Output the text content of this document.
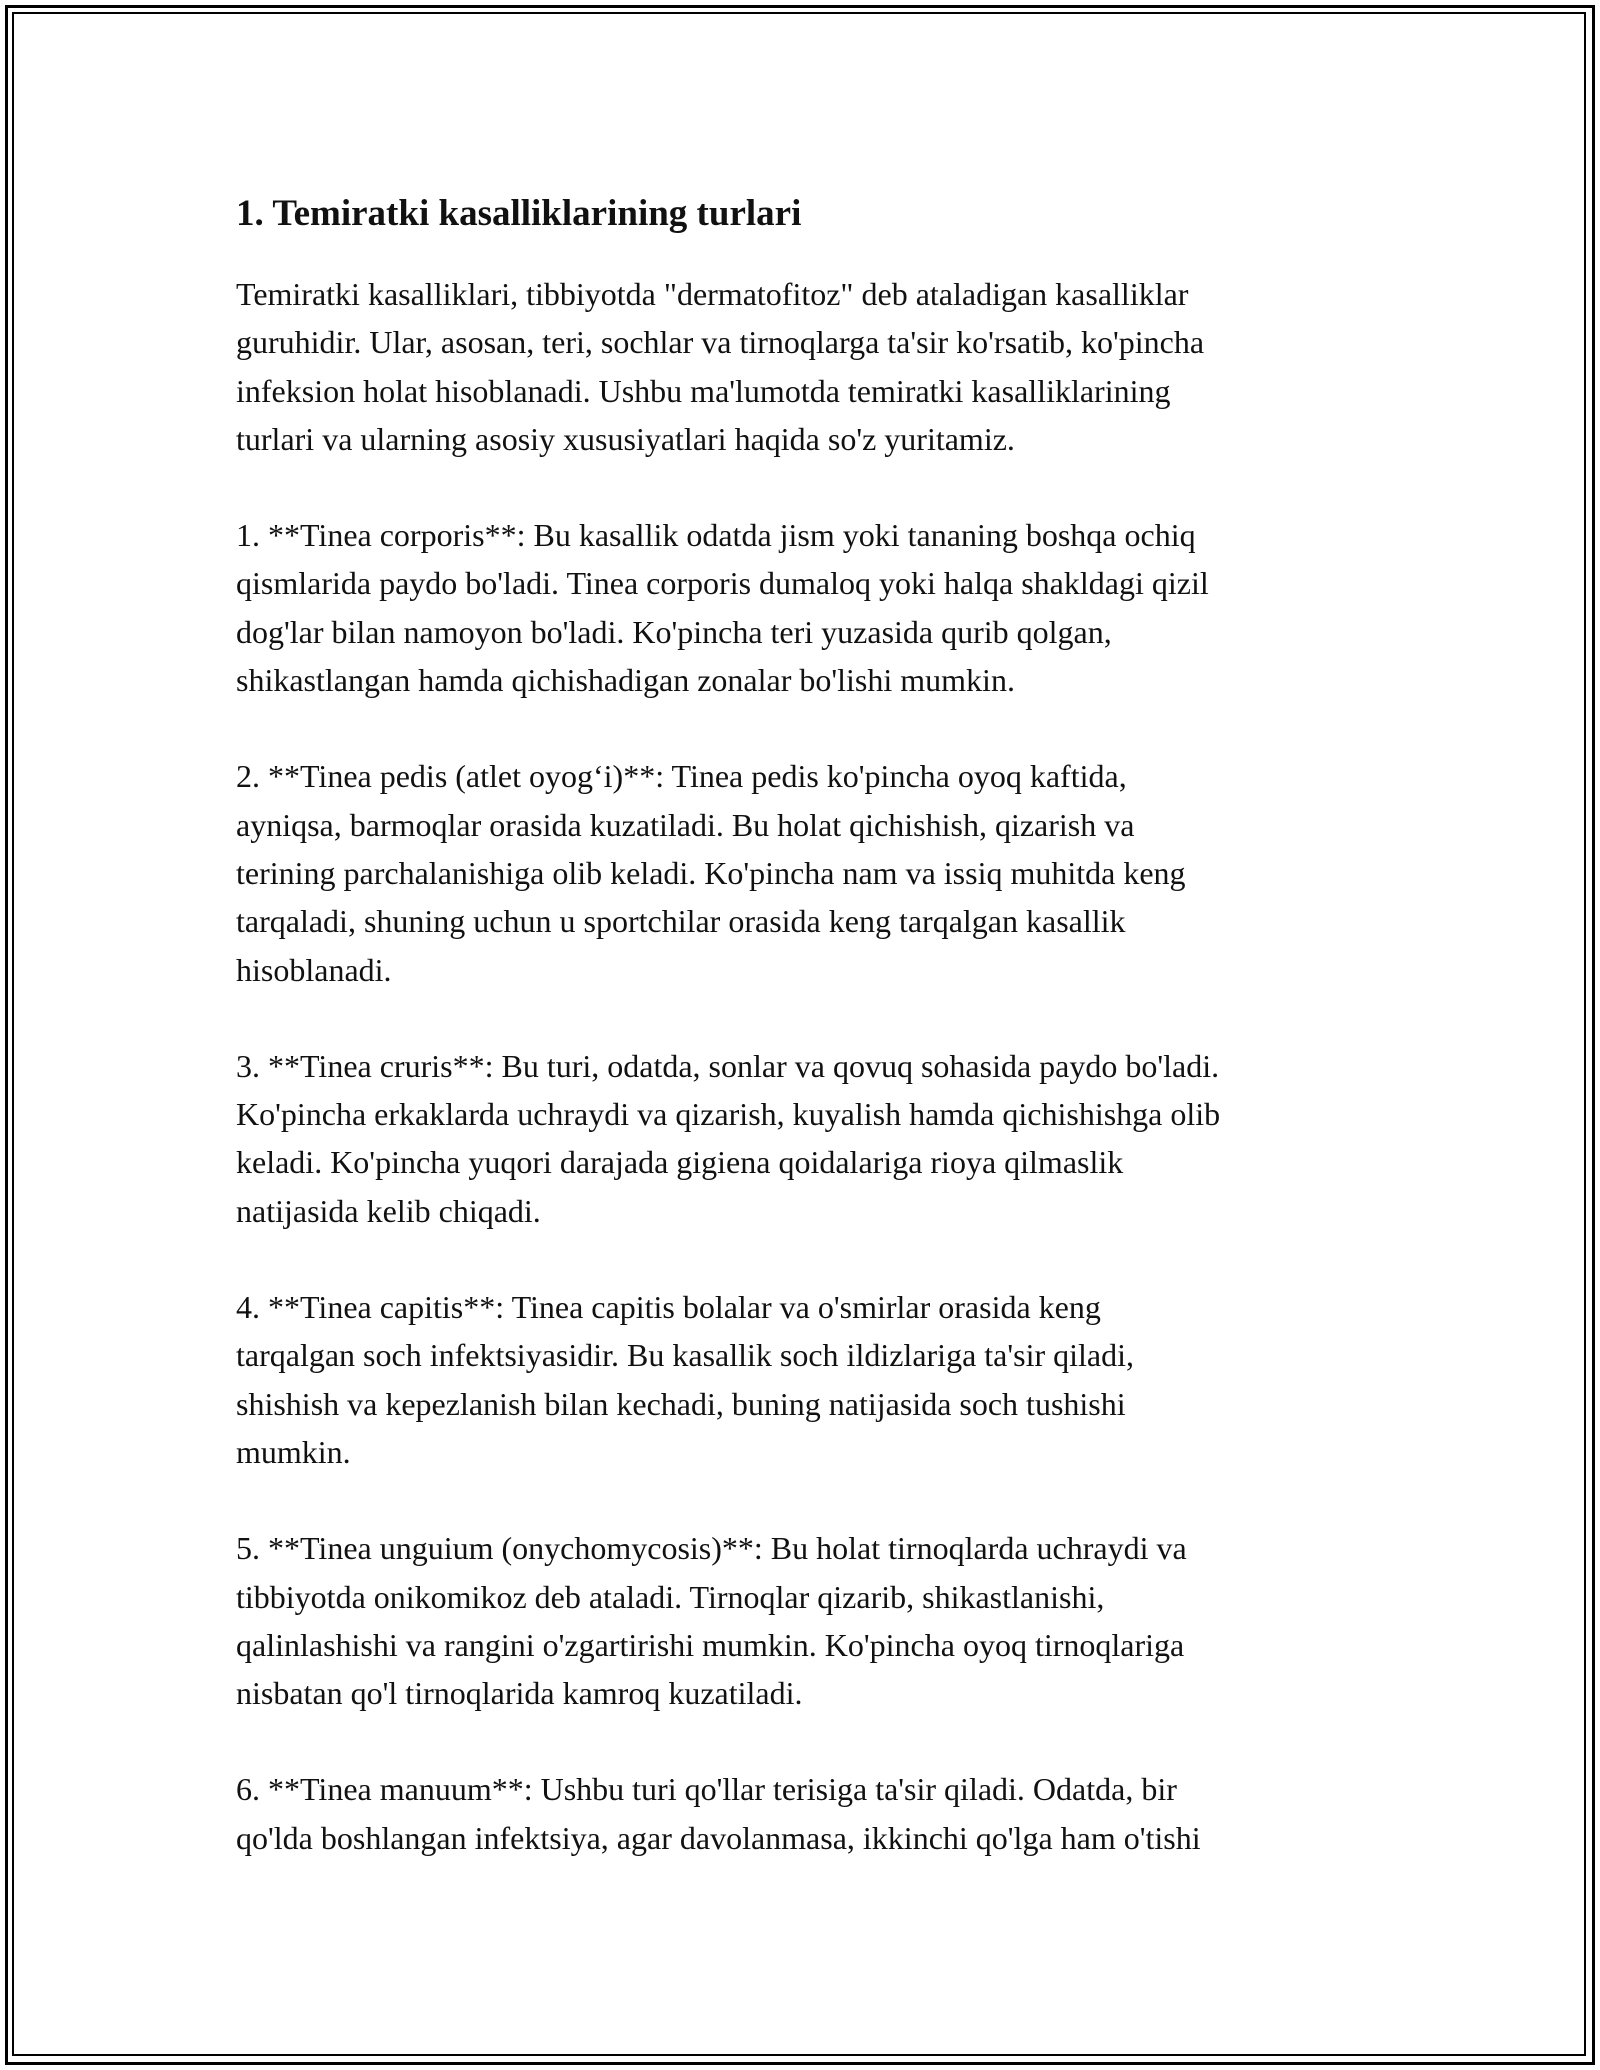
1. Temiratki kasalliklarining turlari

Temiratki kasalliklari, tibbiyotda "dermatofitoz" deb ataladigan kasalliklar
guruhidir. Ular, asosan, teri, sochlar va tirnoqlarga ta'sir ko'rsatib, ko'pincha
infeksion holat hisoblanadi. Ushbu ma'lumotda temiratki kasalliklarining
turlari va ularning asosiy xususiyatlari haqida so'z yuritamiz.

1. **Tinea corporis**: Bu kasallik odatda jism yoki tananing boshqa ochiq
qismlarida paydo bo'ladi. Tinea corporis dumaloq yoki halqa shakldagi qizil
dog'lar bilan namoyon bo'ladi. Ko'pincha teri yuzasida qurib qolgan,
shikastlangan hamda qichishadigan zonalar bo'lishi mumkin.

2. **Tinea pedis (atlet oyog‘i)**: Tinea pedis ko'pincha oyoq kaftida,
ayniqsa, barmoqlar orasida kuzatiladi. Bu holat qichishish, qizarish va
terining parchalanishiga olib keladi. Ko'pincha nam va issiq muhitda keng
tarqaladi, shuning uchun u sportchilar orasida keng tarqalgan kasallik
hisoblanadi.

3. **Tinea cruris**: Bu turi, odatda, sonlar va qovuq sohasida paydo bo'ladi.
Ko'pincha erkaklarda uchraydi va qizarish, kuyalish hamda qichishishga olib
keladi. Ko'pincha yuqori darajada gigiena qoidalariga rioya qilmaslik
natijasida kelib chiqadi.

4. **Tinea capitis**: Tinea capitis bolalar va o'smirlar orasida keng
tarqalgan soch infektsiyasidir. Bu kasallik soch ildizlariga ta'sir qiladi,
shishish va kepezlanish bilan kechadi, buning natijasida soch tushishi
mumkin.

5. **Tinea unguium (onychomycosis)**: Bu holat tirnoqlarda uchraydi va
tibbiyotda onikomikoz deb ataladi. Tirnoqlar qizarib, shikastlanishi,
qalinlashishi va rangini o'zgartirishi mumkin. Ko'pincha oyoq tirnoqlariga
nisbatan qo'l tirnoqlarida kamroq kuzatiladi.

6. **Tinea manuum**: Ushbu turi qo'llar terisiga ta'sir qiladi. Odatda, bir
qo'lda boshlangan infektsiya, agar davolanmasa, ikkinchi qo'lga ham o'tishi
